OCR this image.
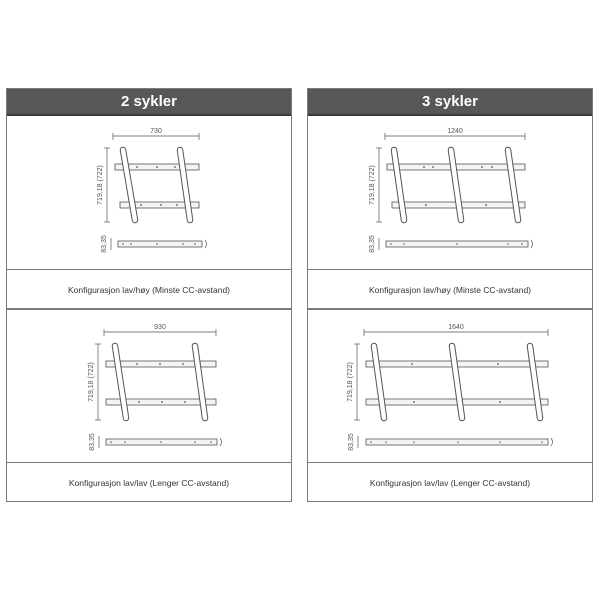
2 sykler
730
719,18 (722)
83,35
Konfigurasjon lav/høy (Minste CC-avstand)
930
719,18 (722)
83,35
Konfigurasjon lav/lav (Lenger CC-avstand)
3 sykler
1240
719,18 (722)
83,35
Konfigurasjon lav/høy (Minste CC-avstand)
1640
719,18 (722)
83,35
Konfigurasjon lav/lav (Lenger CC-avstand)
